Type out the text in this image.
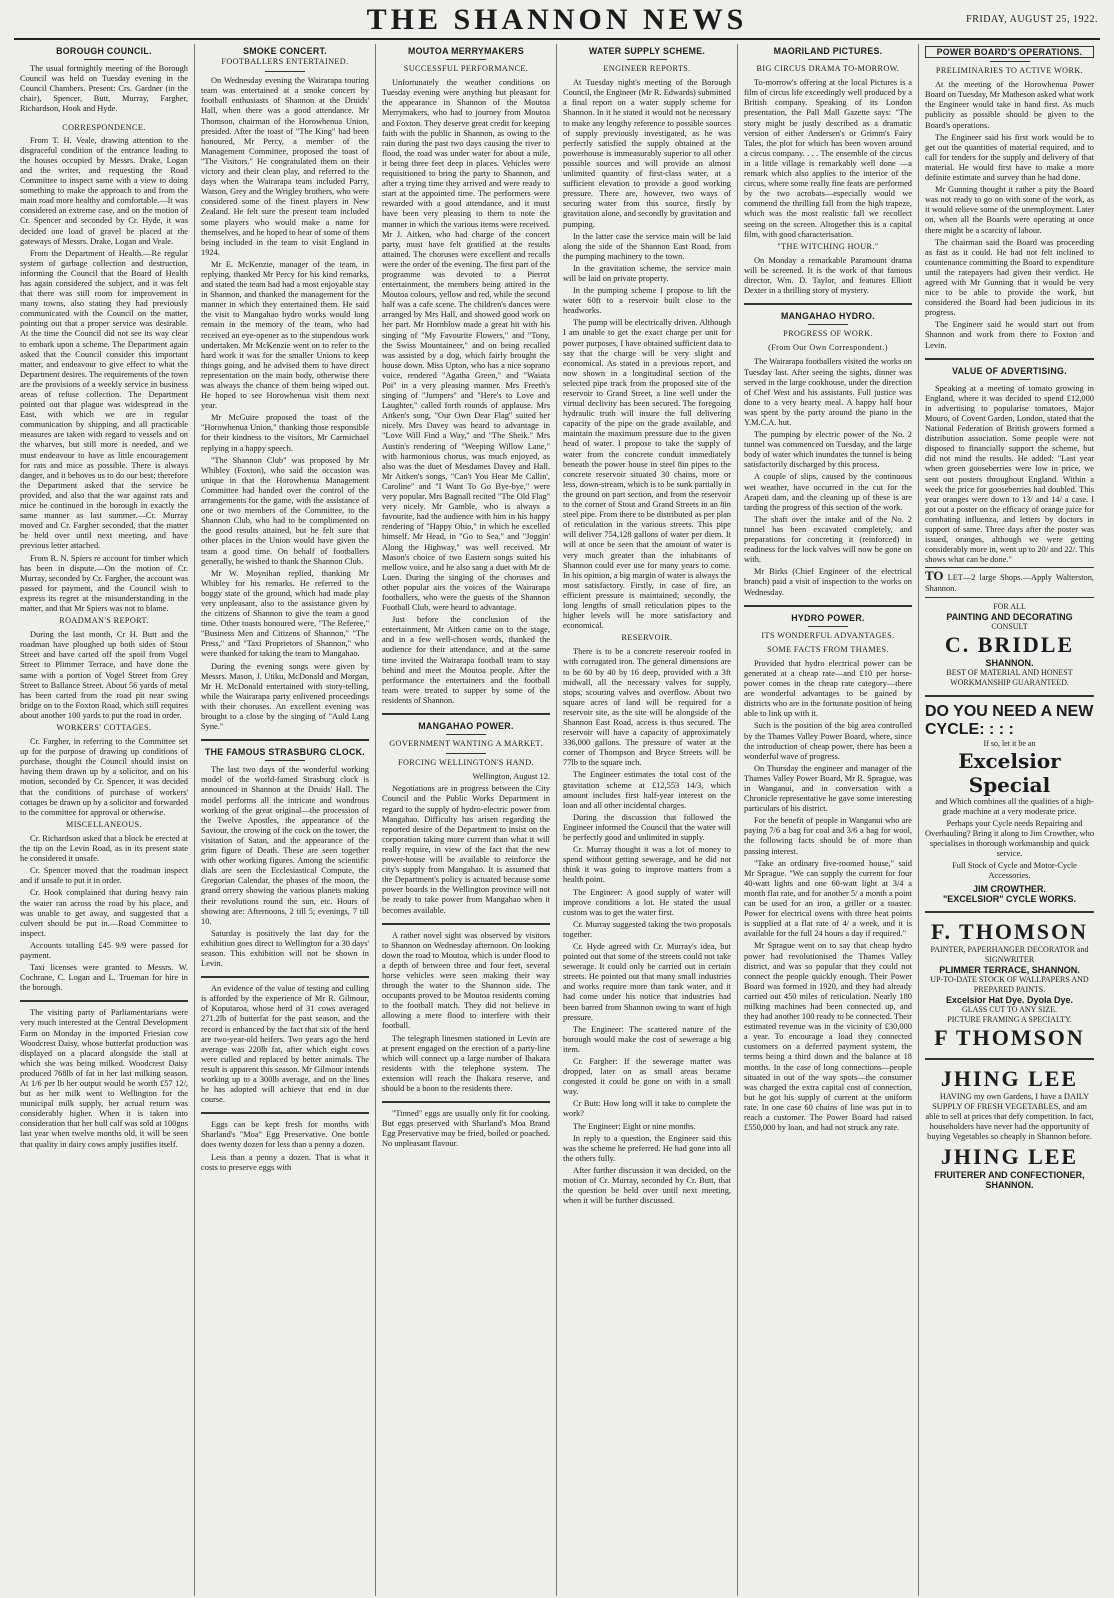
THE SHANNON NEWS	FRIDAY, AUGUST 25, 1922.
BOROUGH COUNCIL.

The usual fortnightly meeting of the Borough Council was held on Tuesday evening in the Council Chambers. Present: Crs. Gardner (in the chair), Spencer, Butt, Murray, Fargher, Richardson, Hook and Hyde.

CORRESPONDENCE.

From T. H. Veale, drawing attention to the disgraceful condition of the entrance leading to the houses occupied by Messrs. Drake, Logan and the writer, and requesting the Road Committee to inspect same with a view to doing something to make the approach to and from the main road more healthy and comfortable.—It was considered an extreme case, and on the motion of Cr. Spencer and seconded by Cr. Hyde, it was decided one load of gravel be placed at the gateways of Messrs. Drake, Logan and Veale.

From the Department of Health.—Re regular system of garbage collection and destruction, informing the Council that the Board of Health has again considered the subject, and it was felt that there was still room for improvement in many towns, also stating they had previously communicated with the Council on the matter, pointing out that a proper service was desirable. At the time the Council did not see its way clear to embark upon a scheme. The Department again asked that the Council consider this important matter, and endeavour to give effect to what the Department desires. The requirements of the town are the provisions of a weekly service in business areas of refuse collection. The Department pointed out that plague was widespread in the East, with which we are in regular communication by shipping, and all practicable measures are taken with regard to vessels and on the wharves, but still more is needed, and we must endeavour to have as little encouragement for rats and mice as possible. There is always danger, and it behoves us to do our best; therefore the Department asked that the service be provided, and also that the war against rats and mice be continued in the borough in exactly the same manner as last summer.—Cr. Murray moved and Cr. Fargher seconded, that the matter be held over until next meeting, and have previous letter attached.

From R. N. Spiers re account for timber which has been in dispute.—On the motion of Cr. Murray, seconded by Cr. Fargher, the account was passed for payment, and the Council wish to express its regret at the misunderstanding in the matter, and that Mr Spiers was not to blame.

ROADMAN'S REPORT.

During the last month, Cr H. Butt and the roadman have ploughed up both sides of Stout Street and have carted off the spoil from Vogel Street to Plimmer Terrace, and have done the same with a portion of Vogel Street from Grey Street to Ballance Street. About 56 yards of metal has been carted from the road pit near swing bridge on to the Foxton Road, which still requires about another 100 yards to put the road in order.

WORKERS' COTTAGES.

Cr. Fargher, in referring to the Committee set up for the purpose of drawing up conditions of purchase, thought the Council should insist on having them drawn up by a solicitor, and on his motion, seconded by Cr. Spencer, it was decided that the conditions of purchase of workers' cottages be drawn up by a solicitor and forwarded to the committee for approval or otherwise.

MISCELLANEOUS.

Cr. Richardson asked that a block be erected at the tip on the Levin Road, as in its present state he considered it unsafe.

Cr. Spencer moved that the roadman inspect and if unsafe to put it in order.

Cr. Hook complained that during heavy rain the water ran across the road by his place, and was unable to get away, and suggested that a culvert should be put in.—Road Committee to inspect.

Accounts totalling £45 9/9 were passed for payment.

Taxi licenses were granted to Messrs. W. Cochrane, C. Logan and L. Trueman for hire in the borough.

The visiting party of Parliamentarians were very much interested at the Central Development Farm on Monday in the imported Friesian cow Woodcrest Daisy, whose butterfat production was displayed on a placard alongside the stall at which she was being milked. Woodcrest Daisy produced 768lb of fat in her last milking season. At 1/6 per lb her output would be worth £57 12/, but as her milk went to Wellington for the municipal milk supply, her actual return was considerably higher. When it is taken into consideration that her bull calf was sold at 100gns last year when twelve months old, it will be seen that quality in dairy cows amply justifies itself.

SMOKE CONCERT.
FOOTBALLERS ENTERTAINED.

On Wednesday evening the Wairarapa touring team was entertained at a smoke concert by football enthusiasts of Shannon at the Druids' Hall, when there was a good attendance. Mr Thomson, chairman of the Horowhenua Union, presided. After the toast of "The King" had been honoured, Mr Percy, a member of the Management Committee, proposed the toast of "The Visitors." He congratulated them on their victory and their clean play, and referred to the days when the Wairarapa team included Parry, Watson, Grey and the Wrigley brothers, who were considered some of the finest players in New Zealand. He felt sure the present team included some players who would make a name for themselves, and he hoped to hear of some of them being included in the team to visit England in 1924.

Mr E. McKenzie, manager of the team, in replying, thanked Mr Percy for his kind remarks, and stated the team had had a most enjoyable stay in Shannon, and thanked the management for the manner in which they entertained them. He said the visit to Mangahao hydro works would long remain in the memory of the team, who had received an eye-opener as to the stupendous work undertaken. Mr McKenzie went on to refer to the hard work it was for the smaller Unions to keep things going, and he advised them to have direct representation on the main body, otherwise there was always the chance of them being wiped out. He hoped to see Horowhenua visit them next year.

Mr McGuire proposed the toast of the "Horowhenua Union," thanking those responsible for their kindness to the visitors, Mr Carmichael replying in a happy speech.

"The Shannon Club" was proposed by Mr Whibley (Foxton), who said the occasion was unique in that the Horowhenua Management Committee had handed over the control of the arrangements for the game, with the assistance of one or two members of the Committee, to the Shannon Club, who had to be complimented on the good results attained, but he felt sure that other places in the Union would have given the team a good time. On behalf of footballers generally, he wished to thank the Shannon Club.

Mr W. Moynihan replied, thanking Mr Whibley for his remarks. He referred to the boggy state of the ground, which had made play very unpleasant, also to the assistance given by the citizens of Shannon to give the team a good time. Other toasts honoured were, "The Referee," "Business Men and Citizens of Shannon," "The Press," and "Taxi Proprietors of Shannon," who were thanked for taking the team to Mangahao.

During the evening songs were given by Messrs. Mason, J. Utiku, McDonald and Morgan, Mr H. McDonald entertained with story-telling, while the Wairarapa party enlivened proceedings with their choruses. An excellent evening was brought to a close by the singing of "Auld Lang Syne."

THE FAMOUS STRASBURG CLOCK.

The last two days of the wonderful working model of the world-famed Strasburg clock is announced in Shannon at the Druids' Hall. The model performs all the intricate and wondrous working of the great original—the procession of the Twelve Apostles, the appearance of the Saviour, the crowing of the cock on the tower, the visitation of Satan, and the appearance of the grim figure of Death. These are seen together with other working figures. Among the scientific dials are seen the Ecclesiastical Compute, the Gregorian Calendar, the phases of the moon, the grand orrery showing the various planets making their revolutions round the sun, etc. Hours of showing are: Afternoons, 2 till 5; evenings, 7 till 10.

Saturday is positively the last day for the exhibition goes direct to Wellington for a 30 days' season. This exhibition will not be shown in Levin.

An evidence of the value of testing and culling is afforded by the experience of Mr R. Gilmour, of Koputaroa, whose herd of 31 cows averaged 271.2lb of butterfat for the past season, and the record is enhanced by the fact that six of the herd are two-year-old heifers. Two years ago the herd average was 220lb fat, after which eight cows were culled and replaced by better animals. The result is apparent this season. Mr Gilmour intends working up to a 300lb average, and on the lines he has adopted will achieve that end in due course.

Eggs can be kept fresh for months with Sharland's "Moa" Egg Preservative. One bottle does twenty dozen for less than a penny a dozen.

Less than a penny a dozen. That is what it costs to preserve eggs with

MOUTOA MERRYMAKERS
SUCCESSFUL PERFORMANCE.

Unfortunately the weather conditions on Tuesday evening were anything but pleasant for the appearance in Shannon of the Moutoa Merrymakers, who had to journey from Moutoa and Foxton. They deserve great credit for keeping faith with the public in Shannon, as owing to the rain during the past two days causing the river to flood, the road was under water for about a mile, it being three feet deep in places. Vehicles were requisitioned to bring the party to Shannon, and after a trying time they arrived and were ready to start at the appointed time. The performers were rewarded with a good attendance, and it must have been very pleasing to them to note the manner in which the various items were received. Mr J. Aitken, who had charge of the concert party, must have felt gratified at the results attained. The choruses were excellent and recalls were the order of the evening. The first part of the programme was devoted to a Pierrot entertainment, the members being attired in the Moutoa colours, yellow and red, while the second half was a cafe scene. The children's dances were arranged by Mrs Hall, and showed good work on her part. Mr Hornblow made a great hit with his singing of "My Favourite Flowers," and "Tony, the Swiss Mountaineer," and on being recalled was assisted by a dog, which fairly brought the house down. Miss Upton, who has a nice soprano voice, rendered "Agatha Green," and "Waiata Poi" in a very pleasing manner. Mrs Freeth's singing of "Jumpers" and "Here's to Love and Laughter," called forth rounds of applause. Mrs Aitken's song, "Our Own Dear Flag" suited her nicely. Mrs Davey was heard to advantage in "Love Will Find a Way," and "The Sheik." Mrs Austin's rendering of "Weeping Willow Lane," with harmonious chorus, was much enjoyed, as also was the duet of Mesdames Davey and Hall. Mr Aitken's songs, "Can't You Hear Me Callin', Caroline" and "I Want To Go Bye-bye," were very popular. Mrs Bagnall recited "The Old Flag" very nicely. Mr Gamble, who is always a favourite, had the audience with him in his happy rendering of "Happy Ohio," in which he excelled himself. Mr Head, in "Go to Sea," and "Joggin' Along the Highway," was well received. Mr Mason's choice of two Eastern songs suited his mellow voice, and he also sang a duet with Mr de Luen. During the singing of the choruses and other popular airs the voices of the Wairarapa footballers, who were the guests of the Shannon Football Club, were heard to advantage.

Just before the conclusion of the entertainment, Mr Aitken came on to the stage, and in a few well-chosen words, thanked the audience for their attendance, and at the same time invited the Wairarapa football team to stay behind and meet the Moutoa people. After the performance the entertainers and the football team were treated to supper by some of the residents of Shannon.

MANGAHAO POWER.
GOVERNMENT WANTING A MARKET.
FORCING WELLINGTON'S HAND.

Wellington, August 12.

Negotiations are in progress between the City Council and the Public Works Department in regard to the supply of hydro-electric power from Mangahao. Difficulty has arisen regarding the reported desire of the Department to insist on the corporation taking more current than what it will really require, in view of the fact that the new power-house will be available to reinforce the city's supply from Mangahao. It is assumed that the Department's policy is actuated because some power boards in the Wellington province will not be ready to take power from Mangahao when it becomes available.

A rather novel sight was observed by visitors to Shannon on Wednesday afternoon. On looking down the road to Moutoa, which is under flood to a depth of between three and four feet, several horse vehicles were seen making their way through the water to the Shannon side. The occupants proved to be Moutoa residents coming to the football match. They did not believe in allowing a mere flood to interfere with their football.

The telegraph linesmen stationed in Levin are at present engaged on the erection of a party-line which will connect up a large number of Ihakara residents with the telephone system. The extension will reach the Ihakara reserve, and should be a boon to the residents there.

"Tinned" eggs are usually only fit for cooking. But eggs preserved with Sharland's Moa Brand Egg Preservative may be fried, boiled or poached. No unpleasant flavour.

WATER SUPPLY SCHEME.
ENGINEER REPORTS.

At Tuesday night's meeting of the Borough Council, the Engineer (Mr R. Edwards) submitted a final report on a water supply scheme for Shannon. In it he stated it would not be necessary to make any lengthy reference to possible sources of supply previously investigated, as he was perfectly satisfied the supply obtained at the powerhouse is immeasurably superior to all other possible sources and will provide an almost unlimited quantity of first-class water, at a sufficient elevation to provide a good working pressure. There are, however, two ways of securing water from this source, firstly by gravitation alone, and secondly by gravitation and pumping.

In the latter case the service main will be laid along the side of the Shannon East Road, from the pumping machinery to the town.

In the gravitation scheme, the service main will be laid on private property.

In the pumping scheme I propose to lift the water 60ft to a reservoir built close to the headworks.

The pump will be electrically driven. Although I am unable to get the exact charge per unit for power purposes, I have obtained sufficient data to say that the charge will be very slight and economical. As stated in a previous report, and now shown in a longitudinal section of the selected pipe track from the proposed site of the reservoir to Grand Street, a line well under the virtual declivity has been secured. The foregoing hydraulic truth will insure the full delivering capacity of the pipe on the grade available, and maintain the maximum pressure due to the given head of water. I propose to take the supply of water from the concrete conduit immediately beneath the power house in steel 8in pipes to the concrete reservoir situated 30 chains, more or less, down-stream, which is to be sunk partially in the ground on part section, and from the reservoir to the corner of Stout and Grand Streets in an 8in steel pipe. From there to be distributed as per plan of reticulation in the various streets. This pipe will deliver 754,128 gallons of water per diem. It will at once be seen that the amount of water is very much greater than the inhabitants of Shannon could ever use for many years to come. In his opinion, a big margin of water is always the most satisfactory. Firstly, in case of fire, an efficient pressure is maintained; secondly, the long lengths of small reticulation pipes to the higher levels will be more satisfactory and economical.

RESERVOIR.

There is to be a concrete reservoir roofed in with corrugated iron. The general dimensions are to be 60 by 40 by 16 deep, provided with a 3ft midwall, all the necessary valves for supply, stops, scouring valves and overflow. About two square acres of land will be required for a reservoir site, as the site will be alongside of the Shannon East Road, access is thus secured. The reservoir will have a capacity of approximately 336,000 gallons. The pressure of water at the corner of Thompson and Bryce Streets will be 77lb to the square inch.

The Engineer estimates the total cost of the gravitation scheme at £12,553 14/3, which amount includes first half-year interest on the loan and all other incidental charges.

During the discussion that followed the Engineer informed the Council that the water will be perfectly good and unlimited in supply.

Cr. Murray thought it was a lot of money to spend without getting sewerage, and he did not think it was going to improve matters from a health point.

The Engineer: A good supply of water will improve conditions a lot. He stated the usual custom was to get the water first.

Cr. Murray suggested taking the two proposals together.

Cr. Hyde agreed with Cr. Murray's idea, but pointed out that some of the streets could not take sewerage. It could only be carried out in certain streets. He pointed out that many small industries and works require more than tank water, and it had come under his notice that industries had been barred from Shannon owing to want of high pressure.

The Engineer: The scattered nature of the borough would make the cost of sewerage a big item.

Cr. Fargher: If the sewerage matter was dropped, later on as small areas became congested it could be gone on with in a small way.

Cr Butt: How long will it take to complete the work?

The Engineer: Eight or nine months.

In reply to a question, the Engineer said this was the scheme he preferred. He had gone into all the others fully.

After further discussion it was decided, on the motion of Cr. Murray, seconded by Cr. Butt, that the question be held over until next meeting, when it will be further discussed.

MAORILAND PICTURES.
BIG CIRCUS DRAMA TO-MORROW.

To-morrow's offering at the local Pictures is a film of circus life exceedingly well produced by a British company. Speaking of its London presentation, the Pall Mall Gazette says: "The story might be justly described as a dramatic version of either Andersen's or Grimm's Fairy Tales, the plot for which has been woven around a circus company. . . . The ensemble of the circus in a little village is remarkably well done —a remark which also applies to the interior of the circus, where some really fine feats are performed by the two acrobats—especially would we commend the thrilling fall from the high trapeze, which was the most realistic fall we recollect seeing on the screen. Altogether this is a capital film, with good characterisation.

"THE WITCHING HOUR."

On Monday a remarkable Paramount drama will be screened. It is the work of that famous director, Wm. D. Taylor, and features Elliott Dexter in a thrilling story of mystery.

MANGAHAO HYDRO.
PROGRESS OF WORK.
(From Our Own Correspondent.)

The Wairarapa footballers visited the works on Tuesday last. After seeing the sights, dinner was served in the large cookhouse, under the direction of Chef West and his assistants. Full justice was done to a very hearty meal. A happy half hour was spent by the party around the piano in the Y.M.C.A. hut.

The pumping by electric power of the No. 2 tunnel was commenced on Tuesday, and the large body of water which inundates the tunnel is being satisfactorily discharged by this process.

A couple of slips, caused by the continuous wet weather, have occurred in the cut for the Arapeti dam, and the cleaning up of these is are tarding the progress of this section of the work.

The shaft over the intake and of the No. 2 tunnel has been excavated completely, and preparations for concreting it (reinforced) in readiness for the lock valves will now be gone on with.

Mr Birks (Chief Engineer of the electrical branch) paid a visit of inspection to the works on Wednesday.

HYDRO POWER.
ITS WONDERFUL ADVANTAGES.
SOME FACTS FROM THAMES.

Provided that hydro electrical power can be generated at a cheap rate—and £10 per horse-power comes in the cheap rate category—there are wonderful advantages to be gained by districts who are in the fortunate position of being able to link up with it.

Such is the position of the big area controlled by the Thames Valley Power Board, where, since the introduction of cheap power, there has been a wonderful wave of progress.

On Thursday the engineer and manager of the Thames Valley Power Board, Mr R. Sprague, was in Wanganui, and in conversation with a Chronicle representative he gave some interesting particulars of his district.

For the benefit of people in Wanganui who are paying 7/6 a bag for coal and 3/6 a bag for wool, the following facts should be of more than passing interest.

"Take an ordinary five-roomed house," said Mr Sprague. "We can supply the current for four 40-watt lights and one 60-watt light at 3/4 a month flat rate, and for another 5/ a month a point can be used for an iron, a griller or a toaster. Power for electrical ovens with three heat points is supplied at a flat rate of 4/ a week, and it is available for the full 24 hours a day if required."

Mr Sprague went on to say that cheap hydro power had revolutionised the Thames Valley district, and was so popular that they could not connect the people quickly enough. Their Power Board was formed in 1920, and they had already carried out 450 miles of reticulation. Nearly 180 milking machines had been connected up, and they had another 100 ready to be connected. Their estimated revenue was in the vicinity of £30,000 a year. To encourage a load they connected customers on a deferred payment system, the terms being a third down and the balance at 18 months. In the case of long connections—people situated in out of the way spots—the consumer was charged the extra capital cost of connection, but he got his supply of current at the uniform rate. In one case 60 chains of line was put in to reach a customer. The Power Board had raised £550,000 by loan, and had not struck any rate.

POWER BOARD'S OPERATIONS.
PRELIMINARIES TO ACTIVE WORK.

At the meeting of the Horowhenua Power Board on Tuesday, Mr Matheson asked what work the Engineer would take in hand first. As much publicity as possible should be given to the Board's operations.

The Engineer said his first work would be to get out the quantities of material required, and to call for tenders for the supply and delivery of that material. He would first have to make a more definite estimate and survey than he had done.

Mr Gunning thought it rather a pity the Board was not ready to go on with some of the work, as it would relieve some of the unemployment. Later on, when all the Boards were operating at once there might be a scarcity of labour.

The chairman said the Board was proceeding as fast as it could. He had not felt inclined to countenance committing the Board to expenditure until the ratepayers had given their verdict. He agreed with Mr Gunning that it would be very nice to be able to provide the work, but considered the Board had been judicious in its progress.

The Engineer said he would start out from Shannon and work from there to Foxton and Levin.

VALUE OF ADVERTISING.

Speaking at a meeting of tomato growing in England, where it was decided to spend £12,000 in advertising to popularise tomatoes, Major Mouro, of Covent Garden, London, stated that the National Federation of British growers formed a distribution association. Some people were not disposed to financially support the scheme, but did not mind the results. He added: "Last year when green gooseberries were low in price, we sent out posters throughout England. Within a week the price for gooseberries had doubled. This year oranges were down to 13/ and 14/ a case. I got out a poster on the efficacy of orange juice for combating influenza, and letters by doctors in support of same. Three days after the poster was issued, oranges, although we were getting considerably more in, went up to 20/ and 22/. This shows what can be done."

TO LET—2 large Shops.—Apply Walterston, Shannon.
FOR ALL
PAINTING AND DECORATING
CONSULT
C. BRIDLE
SHANNON.
BEST OF MATERIAL AND HONEST WORKMANSHIP GUARANTEED.
DO YOU NEED A NEW CYCLE: : : :
If so, let it be an
Excelsior Special

and Which combines all the qualities of a high-grade machine at a very moderate price.

Perhaps your Cycle needs Repairing and Overhauling? Bring it along to Jim Crowther, who specialises in thorough workmanship and quick service.

Full Stock of Cycle and Motor-Cycle Accessories.

JIM CROWTHER.
"EXCELSIOR" CYCLE WORKS.
F. THOMSON
PAINTER, PAPERHANGER DECORATOR and SIGNWRITER
PLIMMER TERRACE, SHANNON.
UP-TO-DATE STOCK OF WALLPAPERS AND PREPARED PAINTS.
Excelsior Hat Dye. Dyola Dye.
GLASS CUT TO ANY SIZE.
PICTURE FRAMING A SPECIALTY.
F THOMSON
JHING LEE

HAVING my own Gardens, I have a DAILY SUPPLY OF FRESH VEGETABLES, and am able to sell at prices that defy competition. In fact, householders have never had the opportunity of buying Vegetables so cheaply in Shannon before.

JHING LEE
FRUITERER AND CONFECTIONER,
SHANNON.
